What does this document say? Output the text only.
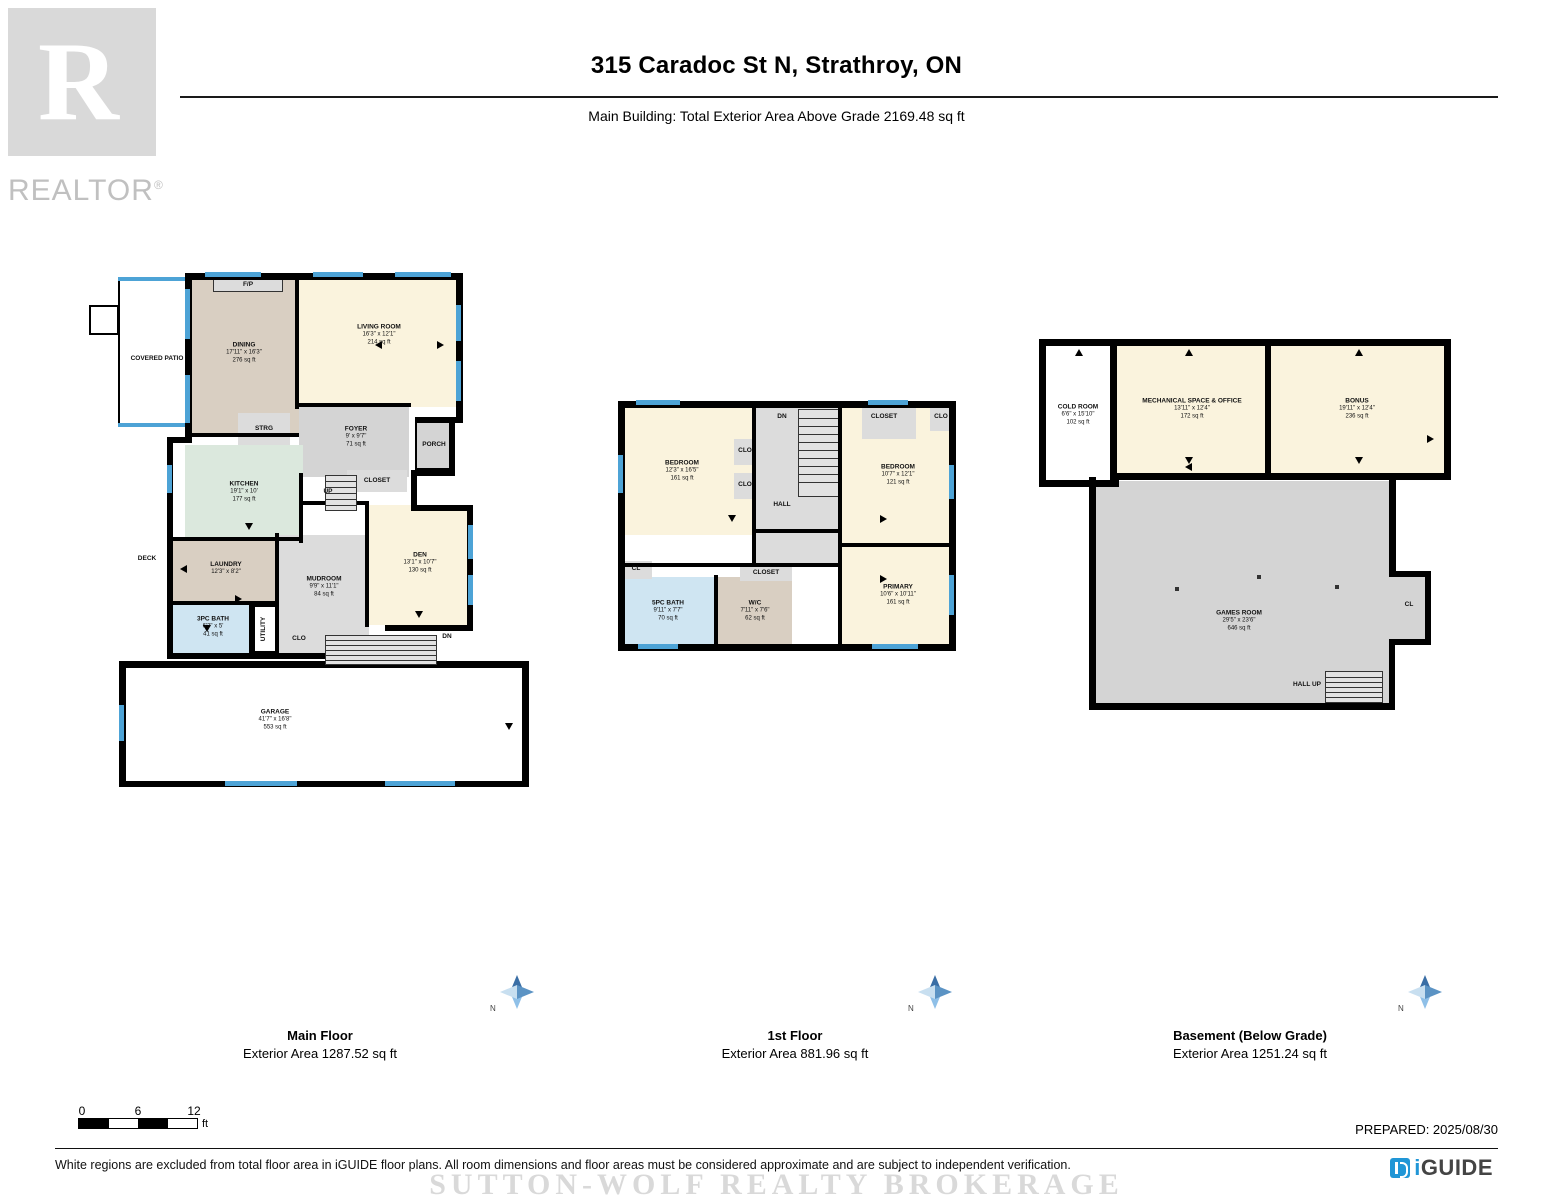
R
REALTOR®
315 Caradoc St N, Strathroy, ON
Main Building: Total Exterior Area Above Grade 2169.48 sq ft
COVERED PATIO
DINING
17'11" x 16'3"
276 sq ft
LIVING ROOM
16'3" x 12'1"
214 sq ft
F/P
STRG	FOYER
9' x 9'7"
71 sq ft	PORCH
CLOSET
KITCHEN
19'1" x 10'
177 sq ft
DECK
LAUNDRY
12'3" x 8'2"
MUDROOM
9'9" x 11'1"
84 sq ft
DEN
13'1" x 10'7"
130 sq ft
3PC BATH
6'3" x 5'
41 sq ft	UTILITY	CLO
GARAGE
41'7" x 16'8"
553 sq ft
UP
DN
BEDROOM
12'3" x 16'5"
161 sq ft
BEDROOM
10'7" x 12'1"
121 sq ft
PRIMARY
10'6" x 10'11"
161 sq ft
5PC BATH
9'11" x 7'7"
70 sq ft
W/C
7'11" x 7'6"
62 sq ft
HALL
CLOSET
CLO
CLO
CLO
CLOSET
CL
DN
COLD ROOM
6'6" x 15'10"
102 sq ft
MECHANICAL SPACE & OFFICE
13'11" x 12'4"
172 sq ft
BONUS
19'11" x 12'4"
236 sq ft
GAMES ROOM
29'5" x 23'6"
646 sq ft
CL
HALL UP
N	N	N
Main Floor
Exterior Area 1287.52 sq ft
1st Floor
Exterior Area 881.96 sq ft
Basement (Below Grade)
Exterior Area 1251.24 sq ft
0	6	12
ft	PREPARED: 2025/08/30
White regions are excluded from total floor area in iGUIDE floor plans. All room dimensions and floor areas must be considered approximate and are subject to independent verification.	iGUIDE
SUTTON-WOLF REALTY BROKERAGE
